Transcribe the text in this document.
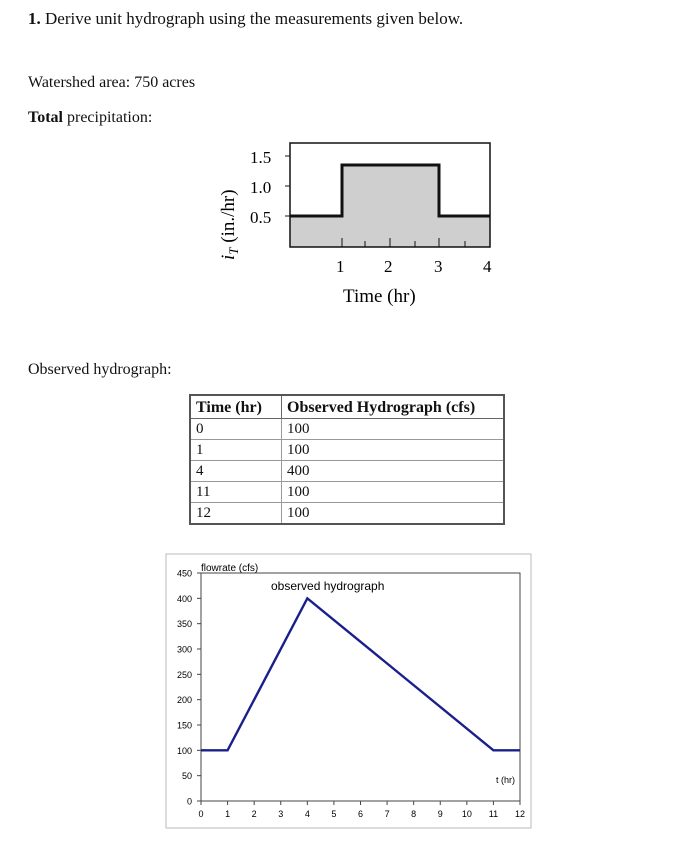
1. Derive unit hydrograph using the measurements given below.
Watershed area: 750 acres
Total precipitation:
1.5
1.0
0.5
1 2 3 4
Time (hr)
$i_T$ (in./hr)
Observed hydrograph:
Time (hr)	Observed Hydrograph (cfs)
0	100
1	100
4	400
11	100
12	100
450
400
350
300
250
200
150
100
50
0
0 1 2 3 4 5 6 7 8 9 10 11 12
flowrate (cfs)
observed hydrograph
t (hr)
